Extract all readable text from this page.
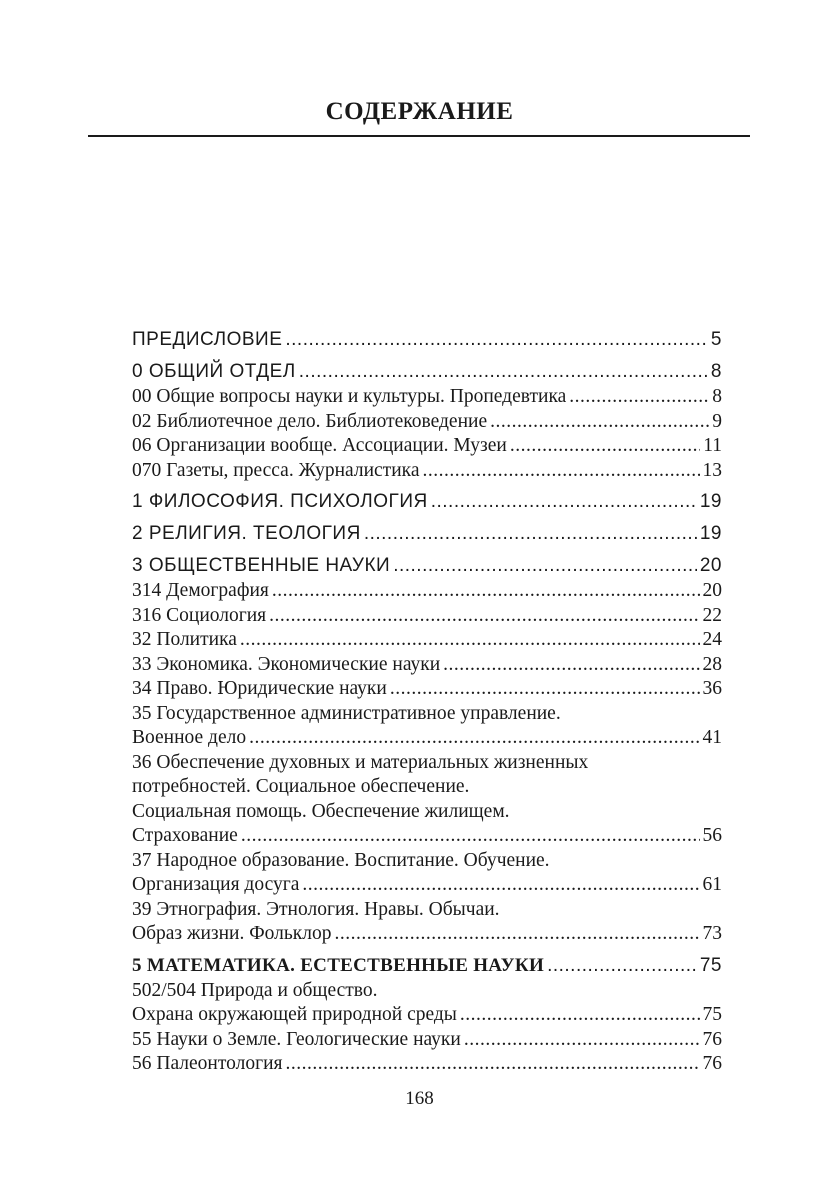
СОДЕРЖАНИЕ
ПРЕДИСЛОВИЕ .....	5
0 ОБЩИЙ ОТДЕЛ .....	8
00 Общие вопросы науки и культуры. Пропедевтика .....	8
02 Библиотечное дело. Библиотековедение .....	9
06 Организации вообще. Ассоциации. Музеи .....	11
070 Газеты, пресса. Журналистика .....	13
1 ФИЛОСОФИЯ. ПСИХОЛОГИЯ .....	19
2 РЕЛИГИЯ. ТЕОЛОГИЯ .....	19
3 ОБЩЕСТВЕННЫЕ НАУКИ .....	20
314 Демография .....	20
316 Социология .....	22
32 Политика .....	24
33 Экономика. Экономические науки .....	28
34 Право. Юридические науки .....	36
35 Государственное административное управление.
Военное дело .....	41
36 Обеспечение духовных и материальных жизненных
потребностей. Социальное обеспечение.
Социальная помощь. Обеспечение жилищем.
Страхование .....	56
37 Народное образование. Воспитание. Обучение.
Организация досуга .....	61
39 Этнография. Этнология. Нравы. Обычаи.
Образ жизни. Фольклор .....	73
5 МАТЕМАТИКА. ЕСТЕСТВЕННЫЕ НАУКИ .....	75
502/504 Природа и общество.
Охрана окружающей природной среды .....	75
55 Науки о Земле. Геологические науки .....	76
56 Палеонтология .....	76
168
